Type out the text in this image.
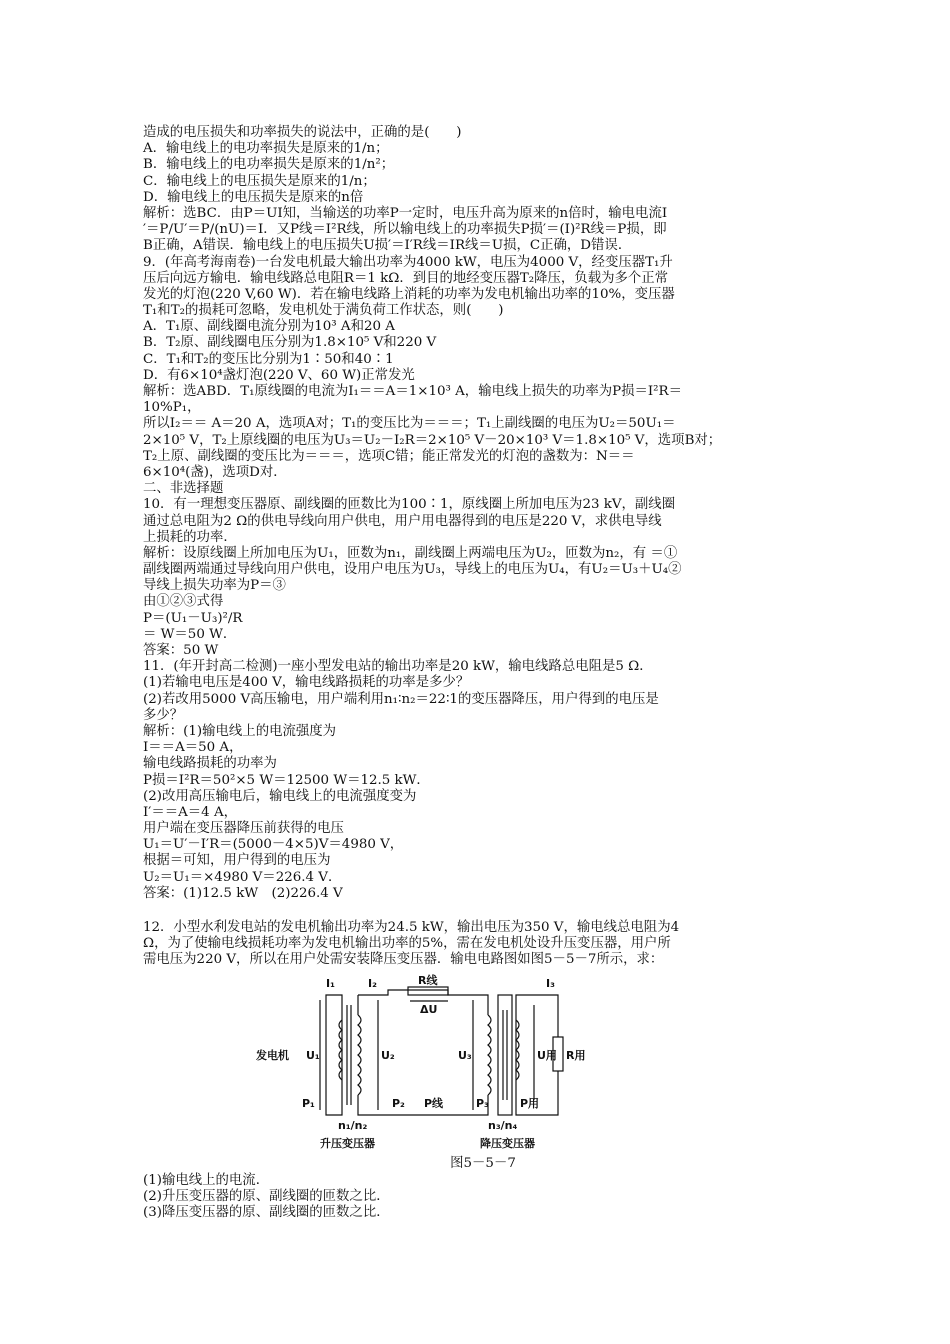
造成的电压损失和功率损失的说法中，正确的是(　　)
A．输电线上的电功率损失是原来的1/n；
B．输电线上的电功率损失是原来的1/n²；
C．输电线上的电压损失是原来的1/n；
D．输电线上的电压损失是原来的n倍
解析：选BC．由P＝UI知，当输送的功率P一定时，电压升高为原来的n倍时，输电电流I
′＝P/U′＝P/(nU)＝I．又P线＝I²R线，所以输电线上的功率损失P损′＝(I)²R线＝P损，即
B正确，A错误．输电线上的电压损失U损′＝I′R线＝IR线＝U损，C正确，D错误．
9．(年高考海南卷)一台发电机最大输出功率为4000 kW，电压为4000 V，经变压器T₁升
压后向远方输电．输电线路总电阻R＝1 kΩ．到目的地经变压器T₂降压，负载为多个正常
发光的灯泡(220 V,60 W)．若在输电线路上消耗的功率为发电机输出功率的10%，变压器
T₁和T₂的损耗可忽略，发电机处于满负荷工作状态，则(　　)
A．T₁原、副线圈电流分别为10³ A和20 A
B．T₂原、副线圈电压分别为1.8×10⁵ V和220 V
C．T₁和T₂的变压比分别为1∶50和40∶1
D．有6×10⁴盏灯泡(220 V、60 W)正常发光
解析：选ABD．T₁原线圈的电流为I₁＝＝A＝1×10³ A，输电线上损失的功率为P损＝I²R＝
10%P₁，
所以I₂＝＝ A＝20 A，选项A对；T₁的变压比为＝＝＝；T₁上副线圈的电压为U₂＝50U₁＝
2×10⁵ V，T₂上原线圈的电压为U₃＝U₂－I₂R＝2×10⁵ V－20×10³ V＝1.8×10⁵ V，选项B对；
T₂上原、副线圈的变压比为＝＝＝，选项C错；能正常发光的灯泡的盏数为：N＝＝
6×10⁴(盏)，选项D对．
二、非选择题
10．有一理想变压器原、副线圈的匝数比为100∶1，原线圈上所加电压为23 kV，副线圈
通过总电阻为2 Ω的供电导线向用户供电，用户用电器得到的电压是220 V，求供电导线
上损耗的功率．
解析：设原线圈上所加电压为U₁，匝数为n₁，副线圈上两端电压为U₂，匝数为n₂，有 ＝①
副线圈两端通过导线向用户供电，设用户电压为U₃，导线上的电压为U₄，有U₂＝U₃＋U₄②
导线上损失功率为P＝③
由①②③式得
P＝(U₁－U₃)²/R
＝ W＝50 W．
答案：50 W
11．(年开封高二检测)一座小型发电站的输出功率是20 kW，输电线路总电阻是5 Ω．
(1)若输电电压是400 V，输电线路损耗的功率是多少？
(2)若改用5000 V高压输电，用户端利用n₁∶n₂＝22∶1的变压器降压，用户得到的电压是
多少？
解析：(1)输电线上的电流强度为
I＝＝A＝50 A，
输电线路损耗的功率为
P损＝I²R＝50²×5 W＝12500 W＝12.5 kW．
(2)改用高压输电后，输电线上的电流强度变为
I′＝＝A＝4 A，
用户端在变压器降压前获得的电压
U₁＝U′－I′R＝(5000－4×5)V＝4980 V，
根据＝可知，用户得到的电压为
U₂＝U₁＝×4980 V＝226.4 V．
答案：(1)12.5 kW　(2)226.4 V
12．小型水利发电站的发电机输出功率为24.5 kW，输出电压为350 V，输电线总电阻为4
Ω，为了使输电线损耗功率为发电机输出功率的5%，需在发电机处设升压变压器，用户所
需电压为220 V，所以在用户处需安装降压变压器．输电电路图如图5－5－7所示，求：
I₁	I₂	I₃
R线
ΔU
发电机 U₁	U₂	U₃	U用 R用
P₁	P₂ P线	P₃	P用
n₁/n₂	n₃/n₄
升压变压器	降压变压器
图5－5－7
(1)输电线上的电流．
(2)升压变压器的原、副线圈的匝数之比．
(3)降压变压器的原、副线圈的匝数之比．
